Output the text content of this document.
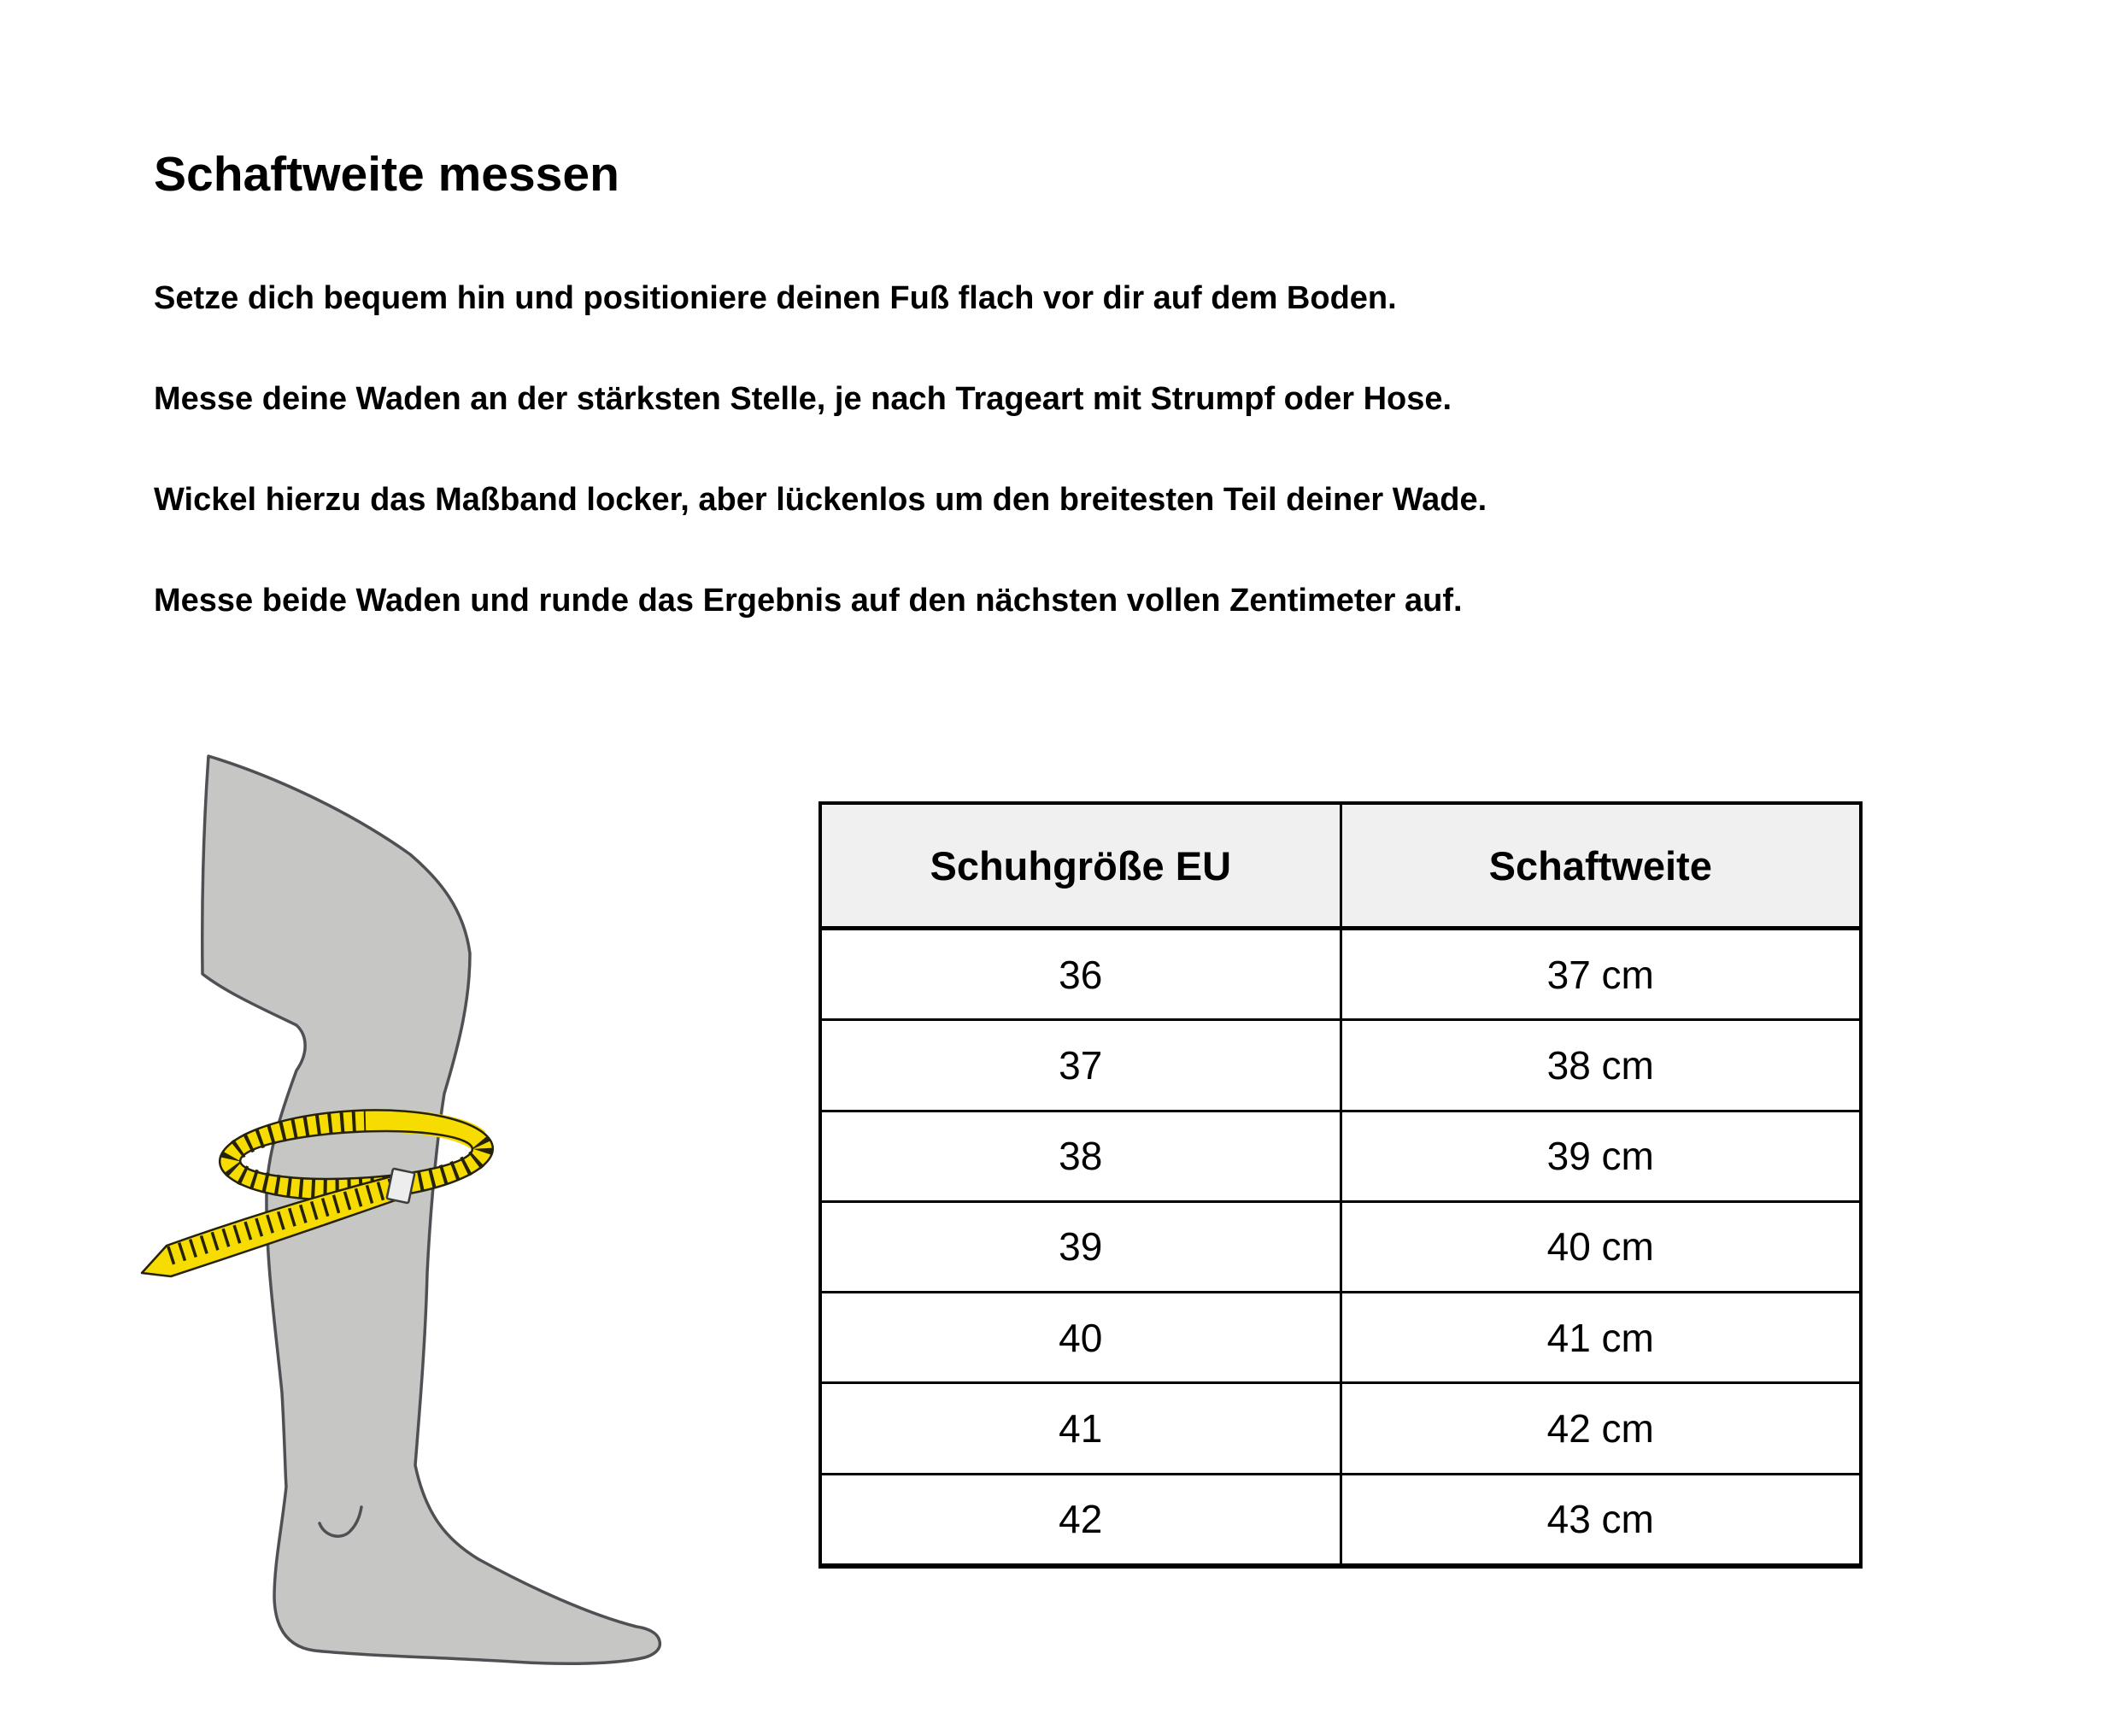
Schaftweite messen
Setze dich bequem hin und positioniere deinen Fuß flach vor dir auf dem Boden.
Messe deine Waden an der stärksten Stelle, je nach Trageart mit Strumpf oder Hose.
Wickel hierzu das Maßband locker, aber lückenlos um den breitesten Teil deiner Wade.
Messe beide Waden und runde das Ergebnis auf den nächsten vollen Zentimeter auf.
Schuhgröße EU	Schaftweite
36	37 cm
37	38 cm
38	39 cm
39	40 cm
40	41 cm
41	42 cm
42	43 cm
